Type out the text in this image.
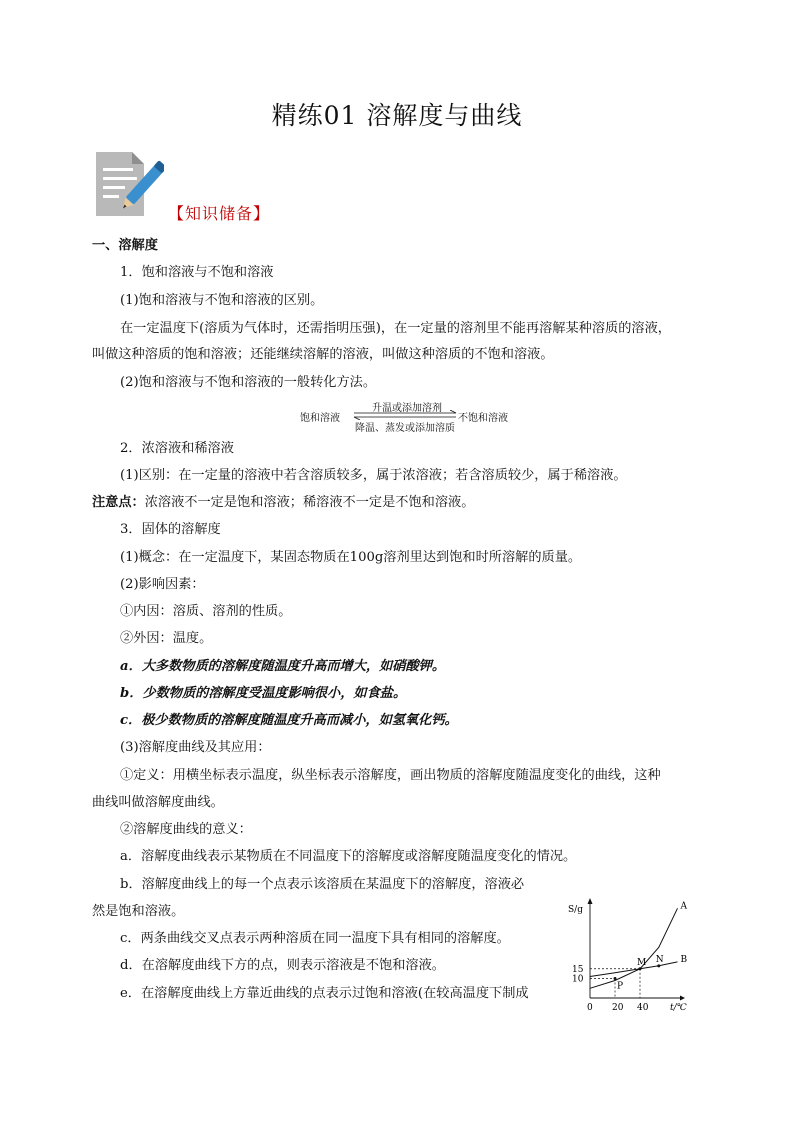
精练01 溶解度与曲线
【知识储备】
一、溶解度
1．饱和溶液与不饱和溶液
(1)饱和溶液与不饱和溶液的区别。
在一定温度下(溶质为气体时，还需指明压强)，在一定量的溶剂里不能再溶解某种溶质的溶液，
叫做这种溶质的饱和溶液；还能继续溶解的溶液，叫做这种溶质的不饱和溶液。
(2)饱和溶液与不饱和溶液的一般转化方法。
饱和溶液
升温或添加溶剂
降温、蒸发或添加溶质
不饱和溶液
2．浓溶液和稀溶液
(1)区别：在一定量的溶液中若含溶质较多，属于浓溶液；若含溶质较少，属于稀溶液。
注意点：浓溶液不一定是饱和溶液；稀溶液不一定是不饱和溶液。
3．固体的溶解度
(1)概念：在一定温度下，某固态物质在100g溶剂里达到饱和时所溶解的质量。
(2)影响因素：
①内因：溶质、溶剂的性质。
②外因：温度。
a．大多数物质的溶解度随温度升高而增大，如硝酸钾。
b．少数物质的溶解度受温度影响很小，如食盐。
c．极少数物质的溶解度随温度升高而减小，如氢氧化钙。
(3)溶解度曲线及其应用：
①定义：用横坐标表示温度，纵坐标表示溶解度，画出物质的溶解度随温度变化的曲线，这种
曲线叫做溶解度曲线。
②溶解度曲线的意义：
a．溶解度曲线表示某物质在不同温度下的溶解度或溶解度随温度变化的情况。
b．溶解度曲线上的每一个点表示该溶质在某温度下的溶解度，溶液必
然是饱和溶液。
c．两条曲线交叉点表示两种溶质在同一温度下具有相同的溶解度。
d．在溶解度曲线下方的点，则表示溶液是不饱和溶液。
e．在溶解度曲线上方靠近曲线的点表示过饱和溶液(在较高温度下制成
S/g
t/℃
0 20 40
10
15
A
B
M N
P
